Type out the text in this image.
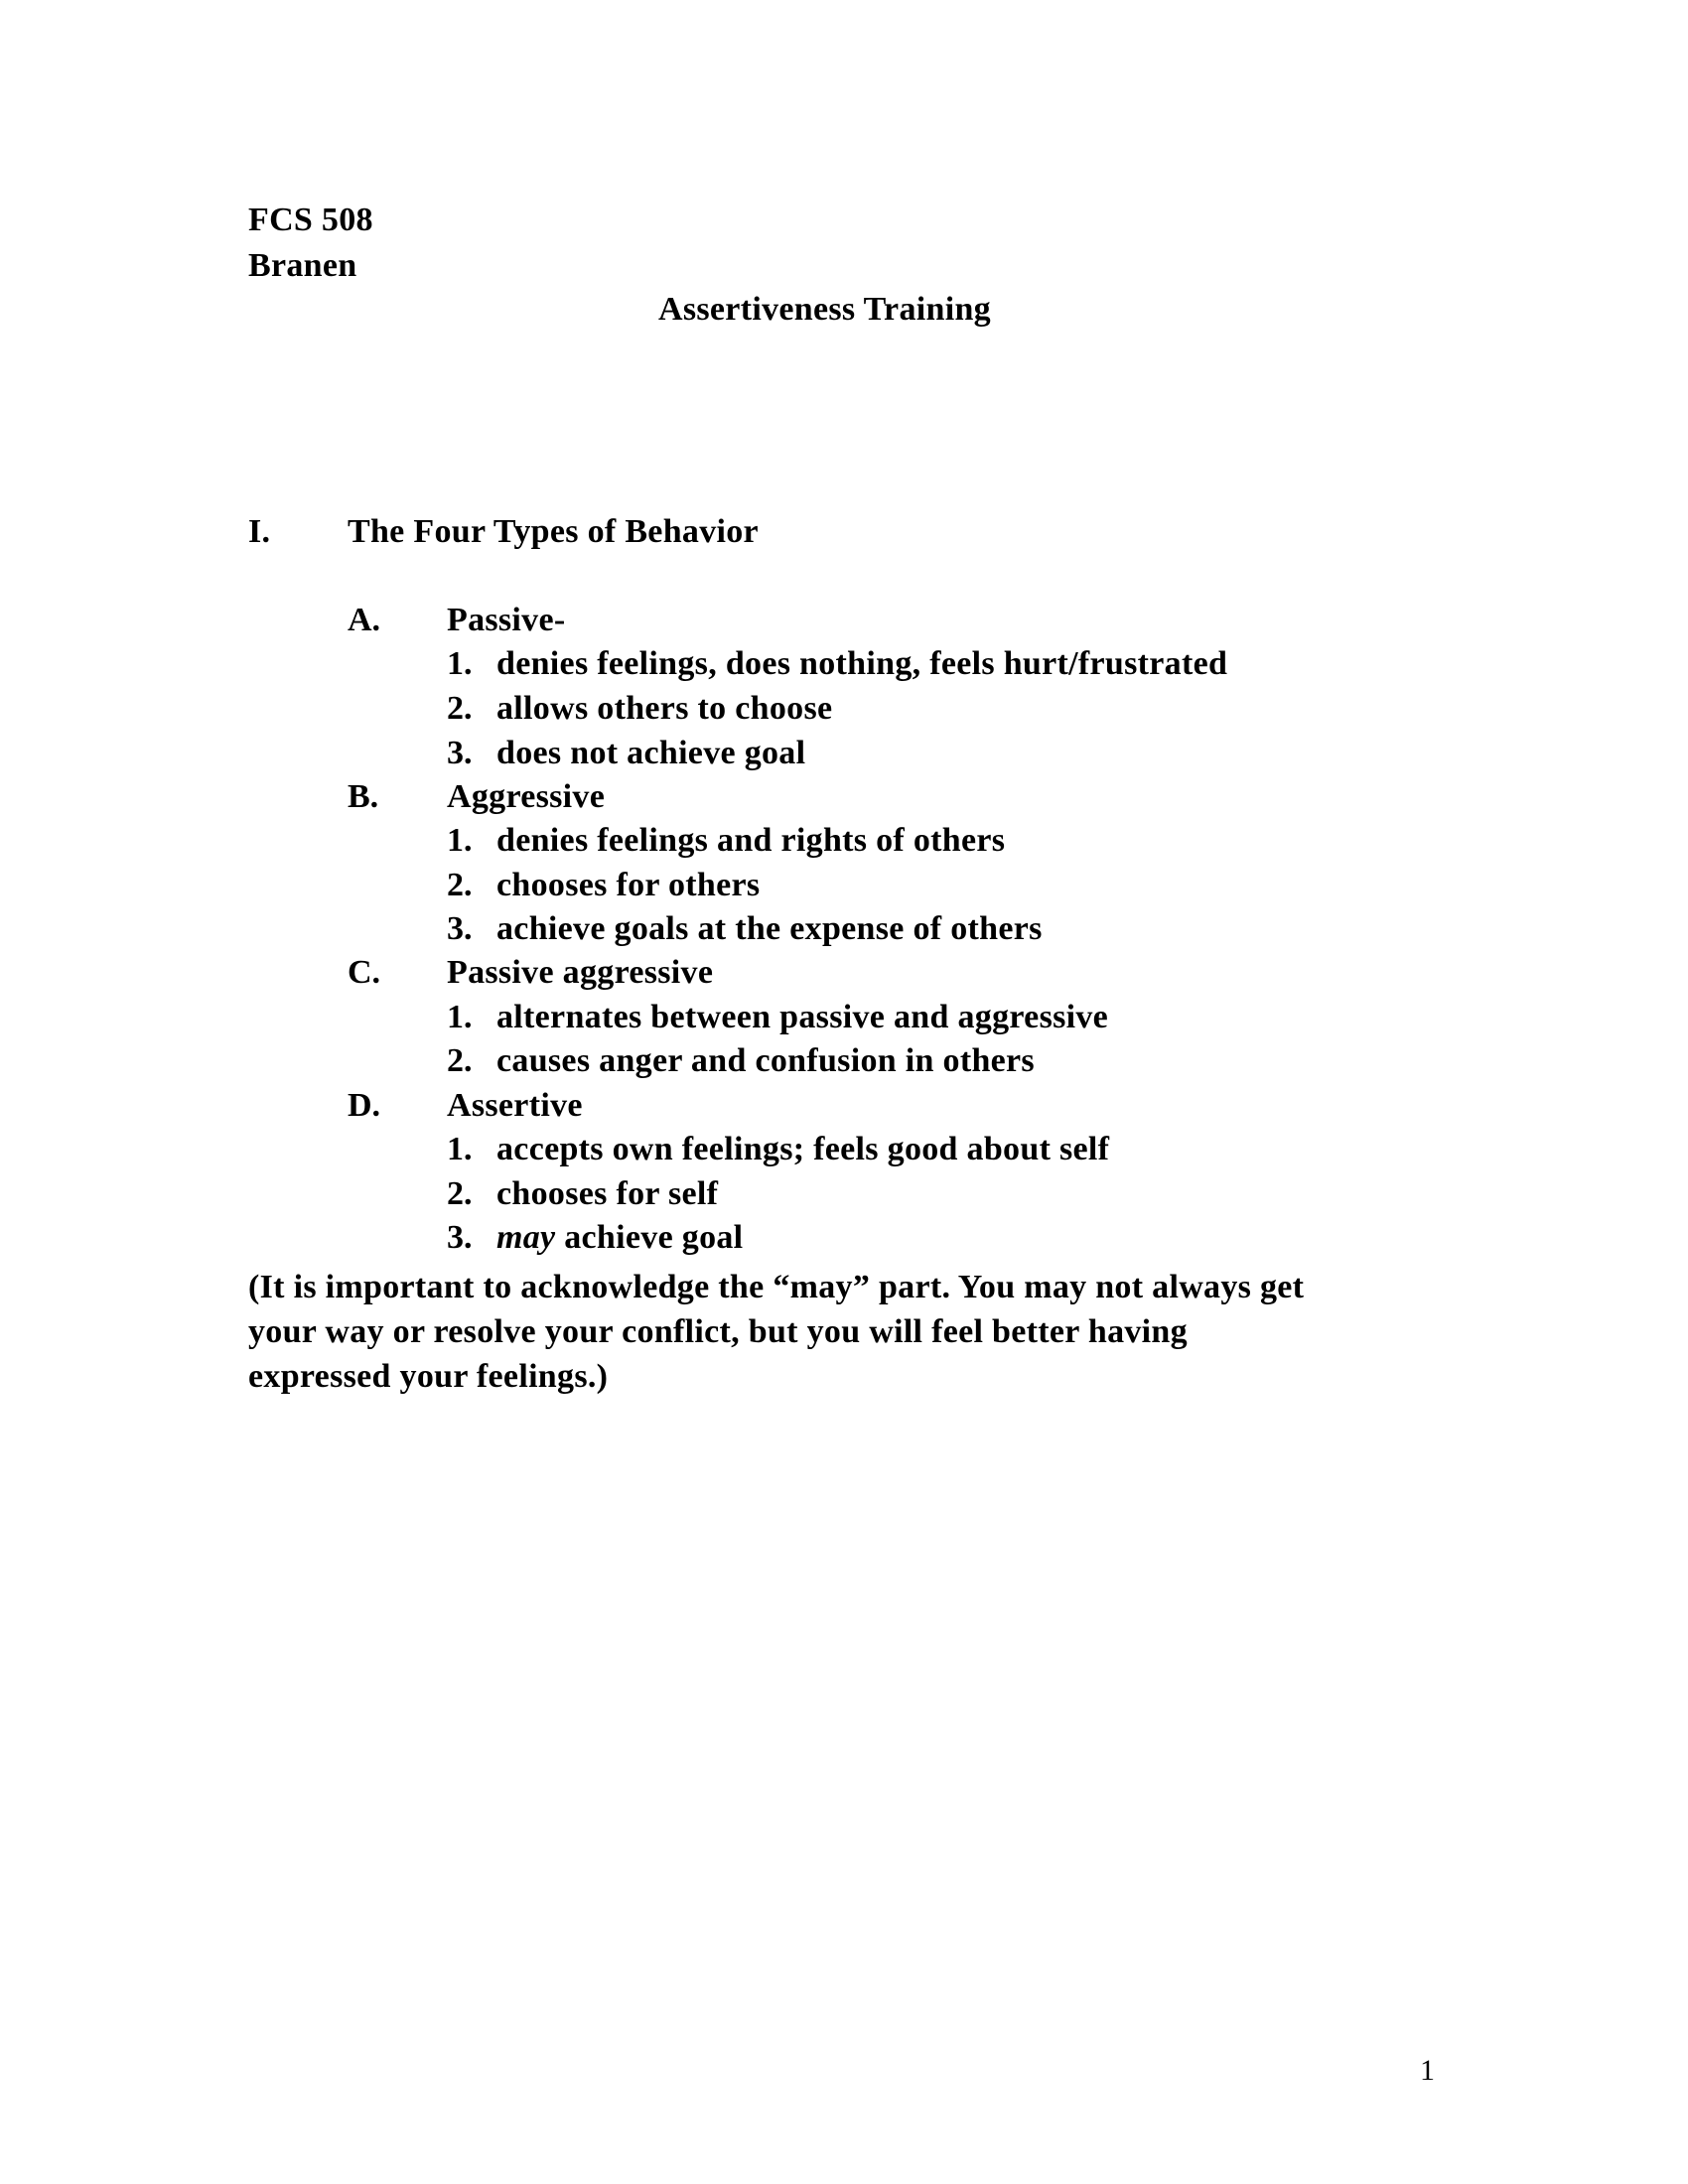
FCS 508
Branen
Assertiveness Training
I. The Four Types of Behavior
A. Passive-
1. denies feelings, does nothing, feels hurt/frustrated
2. allows others to choose
3. does not achieve goal
B. Aggressive
1. denies feelings and rights of others
2. chooses for others
3. achieve goals at the expense of others
C. Passive aggressive
1. alternates between passive and aggressive
2. causes anger and confusion in others
D. Assertive
1. accepts own feelings; feels good about self
2. chooses for self
3. may achieve goal
(It is important to acknowledge the “may” part. You may not always get
your way or resolve your conflict, but you will feel better having
expressed your feelings.)
1
